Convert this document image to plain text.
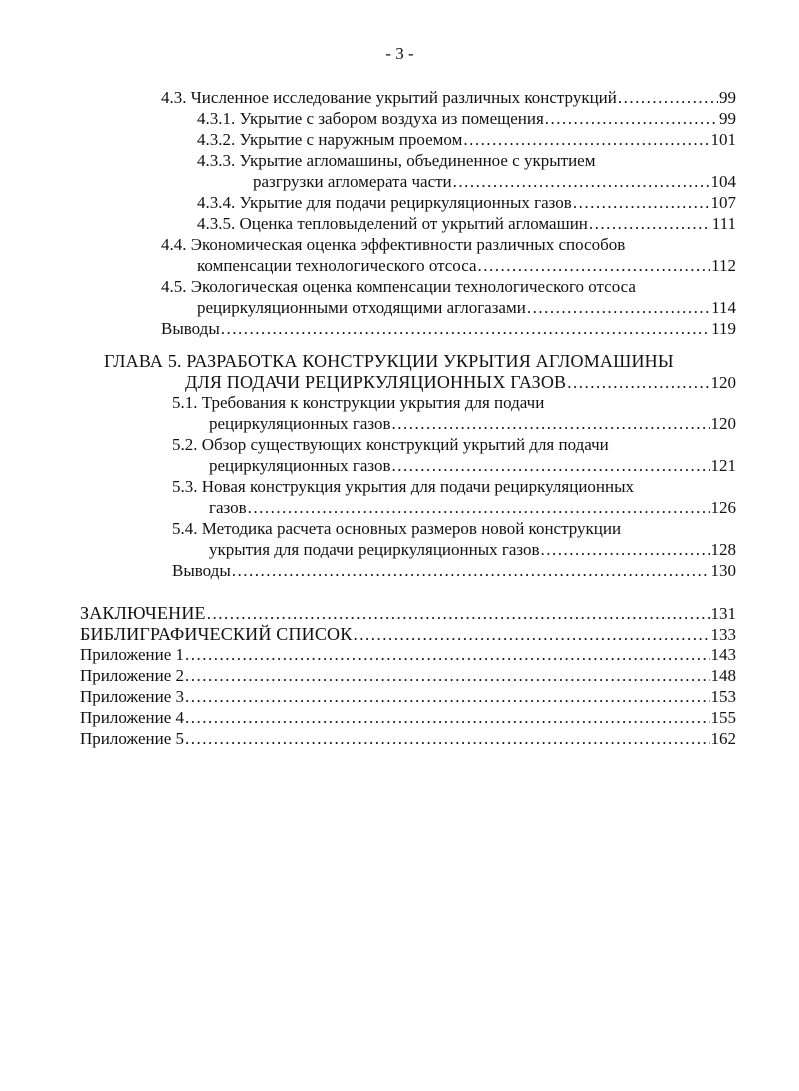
- 3 -
4.3. Численное исследование укрытий различных конструкций .....	99
4.3.1. Укрытие с забором воздуха из помещения .....	99
4.3.2. Укрытие с наружным проемом .....	101
4.3.3. Укрытие агломашины, объединенное с укрытием
разгрузки агломерата части .....	104
4.3.4. Укрытие для подачи рециркуляционных газов .....	107
4.3.5. Оценка тепловыделений от укрытий агломашин .....	111
4.4. Экономическая оценка эффективности различных способов
компенсации технологического отсоса .....	112
4.5. Экологическая оценка компенсации технологического отсоса
рециркуляционными отходящими аглогазами .....	114
Выводы .....	119
ГЛАВА 5. РАЗРАБОТКА КОНСТРУКЦИИ УКРЫТИЯ АГЛОМАШИНЫ
ДЛЯ ПОДАЧИ РЕЦИРКУЛЯЦИОННЫХ ГАЗОВ .....	120
5.1. Требования к конструкции укрытия для подачи
рециркуляционных газов .....	120
5.2. Обзор существующих конструкций укрытий для подачи
рециркуляционных газов .....	121
5.3. Новая конструкция укрытия для подачи рециркуляционных
газов .....	126
5.4. Методика расчета основных размеров новой конструкции
укрытия для подачи рециркуляционных газов .....	128
Выводы .....	130
ЗАКЛЮЧЕНИЕ .....	131
БИБЛИГРАФИЧЕСКИЙ СПИСОК .....	133
Приложение 1 .....	143
Приложение 2 .....	148
Приложение 3 .....	153
Приложение 4 .....	155
Приложение 5 .....	162
